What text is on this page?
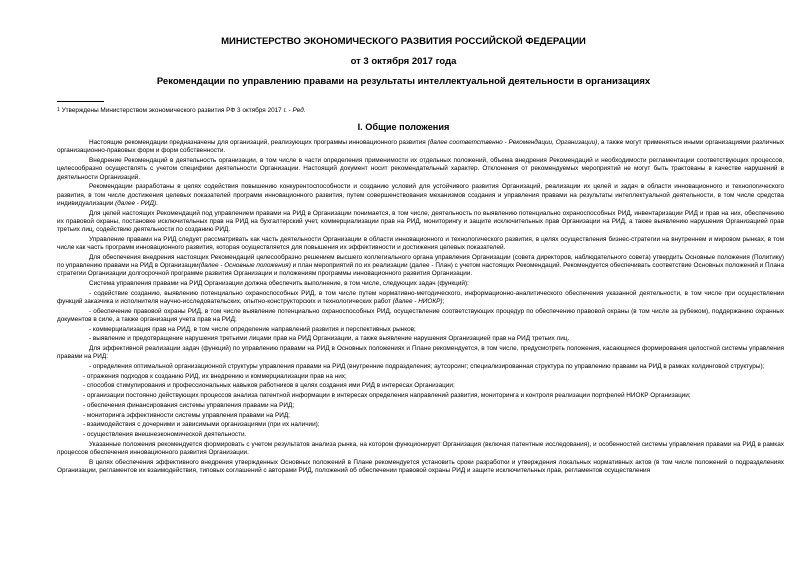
МИНИСТЕРСТВО ЭКОНОМИЧЕСКОГО РАЗВИТИЯ РОССИЙСКОЙ ФЕДЕРАЦИИ
от 3 октября 2017 года
Рекомендации по управлению правами на результаты интеллектуальной деятельности в организациях
$^1$ Утверждены Министерством экономического развития РФ 3 октября 2017 г. - Ред.
I. Общие положения

Настоящие рекомендации предназначены для организаций, реализующих программы инновационного развития (далее соответственно - Рекомендации, Организации), а также могут применяться иными организациями различных организационно-правовых форм и форм собственности.

Внедрение Рекомендаций в деятельность организации, в том числе в части определения применимости их отдельных положений, объема внедрения Рекомендаций и необходимости регламентации соответствующих процессов, целесообразно осуществлять с учетом специфики деятельности Организации. Настоящий документ носит рекомендательный характер. Отклонения от рекомендуемых мероприятий не могут быть трактованы в качестве нарушений в деятельности Организаций.

Рекомендации разработаны в целях содействия повышению конкурентоспособности и созданию условий для устойчивого развития Организаций, реализации их целей и задач в области инновационного и технологического развития, в том числе достижения целевых показателей программ инновационного развития, путем совершенствования механизмов создания и управления правами на результаты интеллектуальной деятельности, в том числе средства индивидуализации (далее - РИД).

Для целей настоящих Рекомендаций под управлением правами на РИД в Организации понимается, в том числе, деятельность по выявлению потенциально охраноспособных РИД, инвентаризации РИД и прав на них, обеспечению их правовой охраны, постановке исключительных прав на РИД на бухгалтерский учет, коммерциализации прав на РИД, мониторингу и защите исключительных прав Организации на РИД, а также выявлению нарушения Организацией прав третьих лиц, содействию деятельности по созданию РИД.

Управление правами на РИД следует рассматривать как часть деятельности Организации в области инновационного и технологического развития, в целях осуществления бизнес-стратегии на внутреннем и мировом рынках, в том числе как часть программ инновационного развития, которая осуществляется для повышения их эффективности и достижения целевых показателей.

Для обеспечения внедрения настоящих Рекомендаций целесообразно решением высшего коллегиального органа управления Организации (совета директоров, наблюдательного совета) утвердить Основные положения (Политику) по управлению правами на РИД в Организации(далее - Основные положения) и план мероприятий по их реализации (далее - План) с учетом настоящих Рекомендаций. Рекомендуется обеспечивать соответствие Основных положений и Плана стратегии Организации долгосрочной программе развития Организации и положениям программы инновационного развития Организации.

Система управления правами на РИД Организации должна обеспечить выполнение, в том числе, следующих задач (функций):

- содействие созданию, выявлению потенциально охраноспособных РИД, в том числе путем нормативно-методического, информационно-аналитического обеспечения указанной деятельности, в том числе при осуществлении функций заказчика и исполнителя научно-исследовательских, опытно-конструкторских и технологических работ (далее - НИОКР);

- обеспечение правовой охраны РИД, в том числе выявление потенциально охраноспособных РИД, осуществление соответствующих процедур по обеспечению правовой охраны (в том числе за рубежом), поддержанию охранных документов в силе, а также организация учета прав на РИД;

- коммерциализация прав на РИД, в том числе определение направлений развития и перспективных рынков;

- выявление и предотвращение нарушения третьими лицами прав на РИД Организации, а также выявление нарушения Организацией прав на РИД третьих лиц.

Для эффективной реализации задач (функций) по управлению правами на РИД в Основных положениях и Плане рекомендуется, в том числе, предусмотреть положения, касающиеся формирования целостной системы управления правами на РИД:

- определения оптимальной организационной структуры управления правами на РИД (внутренние подразделения; аутсорсинг; специализированная структура по управлению правами на РИД в рамках холдинговой структуры);

- отражения подходов к созданию РИД, их внедрению и коммерциализации прав на них;

- способов стимулирования и профессиональных навыков работников в целях создания ими РИД в интересах Организации;

- организации постоянно действующих процессов анализа патентной информации в интересах определения направлений развития, мониторинга и контроля реализации портфелей НИОКР Организации;

- обеспечения финансирования системы управления правами на РИД;

- мониторинга эффективности системы управления правами на РИД;

- взаимодействия с дочерними и зависимыми организациями (при их наличии);

- осуществления внешнеэкономической деятельности.

Указанные положения рекомендуется формировать с учетом результатов анализа рынка, на котором функционирует Организация (включая патентные исследования), и особенностей системы управления правами на РИД в рамках процессов обеспечения инновационного развития Организации.

В целях обеспечения эффективного внедрения утвержденных Основных положений в Плане рекомендуется установить сроки разработки и утверждения локальных нормативных актов (в том числе положений о подразделениях Организации, регламентов их взаимодействия, типовых соглашений с авторами РИД, положений об обеспечении правовой охраны РИД и защите исключительных прав, регламентов осуществления
